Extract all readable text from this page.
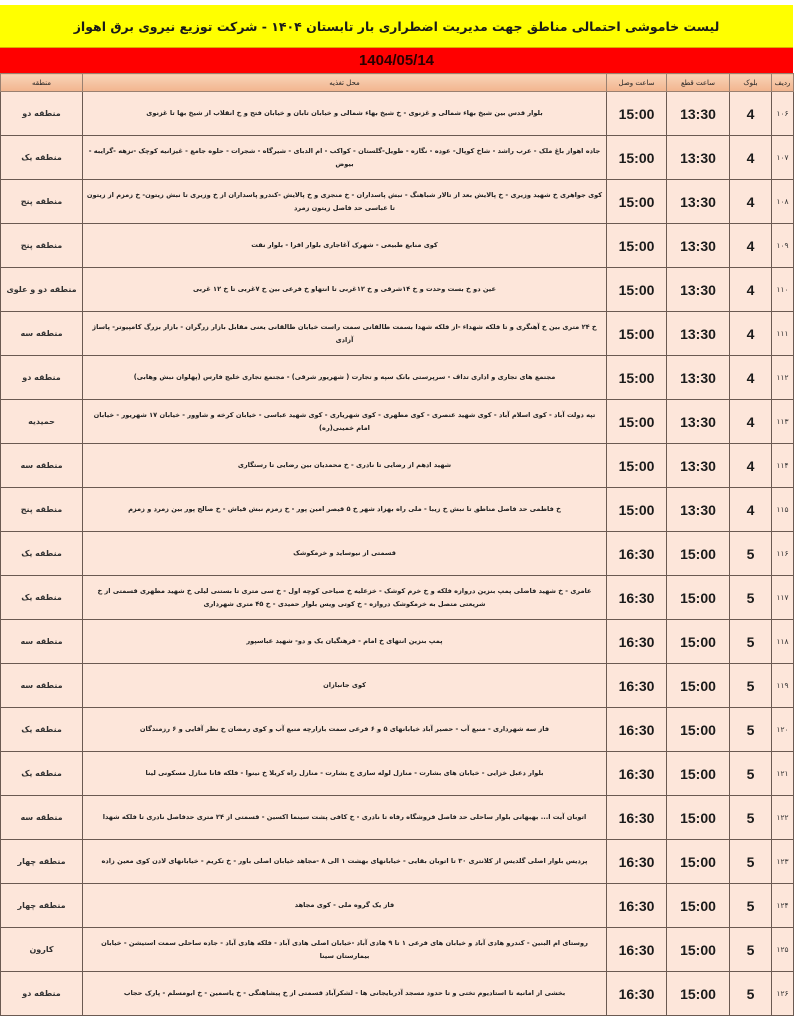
لیست خاموشی احتمالی مناطق جهت مدیریت اضطراری بار تابستان ۱۴۰۴ - شرکت توزیع نیروی برق اهواز
1404/05/14
ردیف	بلوک	ساعت قطع	ساعت وصل	محل تغذیه	منطقه
۱۰۶	4	13:30	15:00	بلوار قدس بین شیخ بهاء شمالی و غزنوی - خ شیخ بهاء شمالی و خیابان تابان و خیابان فتح و خ انقلاب از شیخ بها تا غزنوی	منطقه دو
۱۰۷	4	13:30	15:00	جاده اهواز باغ ملک - عرب راشد - شاخ کوپال- عوده - نگازه - طویل-گلستان - کواکب - ام الدبای - شیرگاه - شجرات - حلوه جامع - غیزانیه کوچک -نزهه -گرایبه - بیوض	منطقه یک
۱۰۸	4	13:30	15:00	کوی جواهری خ شهید وزیری - خ پالایش بعد از تالار شباهنگ - نبش پاسداران - خ منجزی و خ پالایش -کندرو پاسداران از خ وزیری تا نبش زیتون- خ زمزم از زیتون تا عباسی حد فاصل زیتون زمرد	منطقه پنج
۱۰۹	4	13:30	15:00	کوی منابع طبیعی - شهرک آغاجاری بلوار اقرا - بلوار نفت	منطقه پنج
۱۱۰	4	13:30	15:00	عین دو خ بست وحدت و خ ۱۴شرقی و خ ۱۲غربی تا انتهاو خ فرعی بین خ ۷غربی تا خ ۱۲ غربی	منطقه دو و علوی
۱۱۱	4	13:30	15:00	خ ۲۴ متری بین خ آهنگری و تا فلکه شهداء -از فلکه شهدا بسمت طالقانی سمت راست خیابان طالقانی یعنی مقابل بازار زرگران - بازار بزرگ کامپیوتر- پاساژ آزادی	منطقه سه
۱۱۲	4	13:30	15:00	مجتمع های تجاری و اداری تداف - سرپرستی بانک سپه و تجارت ( شهریور شرقی) - مجتمع تجاری خلیج فارس (پهلوان نبش وهابی)	منطقه دو
۱۱۳	4	13:30	15:00	تپه دولت آباد - کوی اسلام آباد - کوی شهید عنصری - کوی مطهری - کوی شهریاری - کوی شهید عباسی - خیابان کرخه و شاوور - خیابان ۱۷ شهریور - خیابان امام خمینی(ره)	حمیدیه
۱۱۴	4	13:30	15:00	شهید ادهم از رضایی تا نادری - خ محمدیان بین رضایی تا رستگاری	منطقه سه
۱۱۵	4	13:30	15:00	خ فاطمی حد فاصل مناطق تا نبش خ زیبا - ملی راه بهزاد شهر خ ۵ قیصر امین پور - خ زمزم نبش قیاش - خ صالح پور بین زمرد و زمزم	منطقه پنج
۱۱۶	5	15:00	16:30	قسمتی از نیوساید و خرمکوشک	منطقه یک
۱۱۷	5	15:00	16:30	عامری - خ شهید فاضلی پمپ بنزین دروازه فلکه و خ خرم کوشک - خزعلیه خ صیاحی کوچه اول - خ سی متری تا بستنی لیلی خ شهید مطهری قسمتی از خ شریعتی متصل به خرمکوشک دروازه - خ کوتی ویس بلوار حمیدی - خ ۴۵ متری شهرداری	منطقه یک
۱۱۸	5	15:00	16:30	پمپ بنزین انتهای خ امام - فرهنگیان یک و دو- شهید عباسپور	منطقه سه
۱۱۹	5	15:00	16:30	کوی جانبازان	منطقه سه
۱۲۰	5	15:00	16:30	فاز سه شهرداری - منبع آب - حصیر آباد خیابانهای ۵ و ۶ فرعی سمت بازارچه منبع آب و کوی رمضان خ نظر آقایی و ۶ رزمندگان	منطقه یک
۱۲۱	5	15:00	16:30	بلوار دعبل خزایی - خیابان های بشارت - منازل لوله سازی خ بشارت - منازل راه کربلا خ نینوا - فلکه قانا منازل مسکونی لینا	منطقه یک
۱۲۲	5	15:00	16:30	اتوبان آیت ا... بهبهانی بلوار ساحلی حد فاصل فروشگاه رفاه تا نادری - خ کافی پشت سینما اکسین - قسمتی از ۲۴ متری حدفاصل نادری تا فلکه شهدا	منطقه سه
۱۲۳	5	15:00	16:30	پردیس بلوار اصلی گلدیس از کلانتری ۳۰ تا اتوبان بقایی - خیابانهای بهشت ۱ الی ۸ -مجاهد خیابان اصلی باور - خ تکریم - خیابانهای لادن کوی معین زاده	منطقه چهار
۱۲۴	5	15:00	16:30	فاز یک گروه ملی - کوی مجاهد	منطقه چهار
۱۲۵	5	15:00	16:30	روستای ام البنین - کندرو هادی آباد و خیابان های فرعی ۱ تا ۹ هادی آباد -خیابان اصلی هادی آباد - فلکه هادی آباد - جاده ساحلی سمت استیشن - خیابان بیمارستان سینا	کارون
۱۲۶	5	15:00	16:30	بخشی از امانیه تا استادیوم تختی و تا حدود مسجد آذربایجانی ها - لشکرآباد قسمتی از خ پیشاهنگی - خ یاسمین - خ ابومسلم - پارک حجاب	منطقه دو
